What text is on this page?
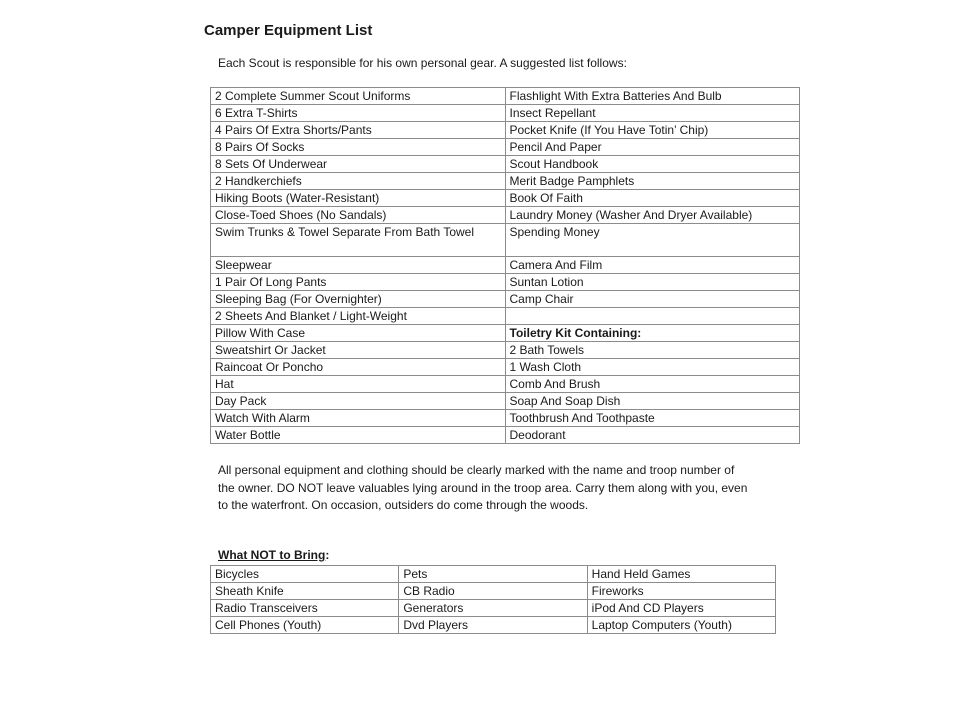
Camper Equipment List

Each Scout is responsible for his own personal gear. A suggested list follows:

2 Complete Summer Scout Uniforms	Flashlight With Extra Batteries And Bulb
6 Extra T-Shirts	Insect Repellant
4 Pairs Of Extra Shorts/Pants	Pocket Knife (If You Have Totin’ Chip)
8 Pairs Of Socks	Pencil And Paper
8 Sets Of Underwear	Scout Handbook
2 Handkerchiefs	Merit Badge Pamphlets
Hiking Boots (Water-Resistant)	Book Of Faith
Close-Toed Shoes (No Sandals)	Laundry Money (Washer And Dryer Available)
Swim Trunks & Towel Separate From Bath Towel	Spending Money
Sleepwear	Camera And Film
1 Pair Of Long Pants	Suntan Lotion
Sleeping Bag (For Overnighter)	Camp Chair
2 Sheets And Blanket / Light-Weight	
Pillow With Case	Toiletry Kit Containing:
Sweatshirt Or Jacket	2 Bath Towels
Raincoat Or Poncho	1 Wash Cloth
Hat	Comb And Brush
Day Pack	Soap And Soap Dish
Watch With Alarm	Toothbrush And Toothpaste
Water Bottle	Deodorant

All personal equipment and clothing should be clearly marked with the name and troop number of the owner. DO NOT leave valuables lying around in the troop area. Carry them along with you, even to the waterfront. On occasion, outsiders do come through the woods.

What NOT to Bring:

Bicycles	Pets	Hand Held Games
Sheath Knife	CB Radio	Fireworks
Radio Transceivers	Generators	iPod And CD Players
Cell Phones (Youth)	Dvd Players	Laptop Computers (Youth)
